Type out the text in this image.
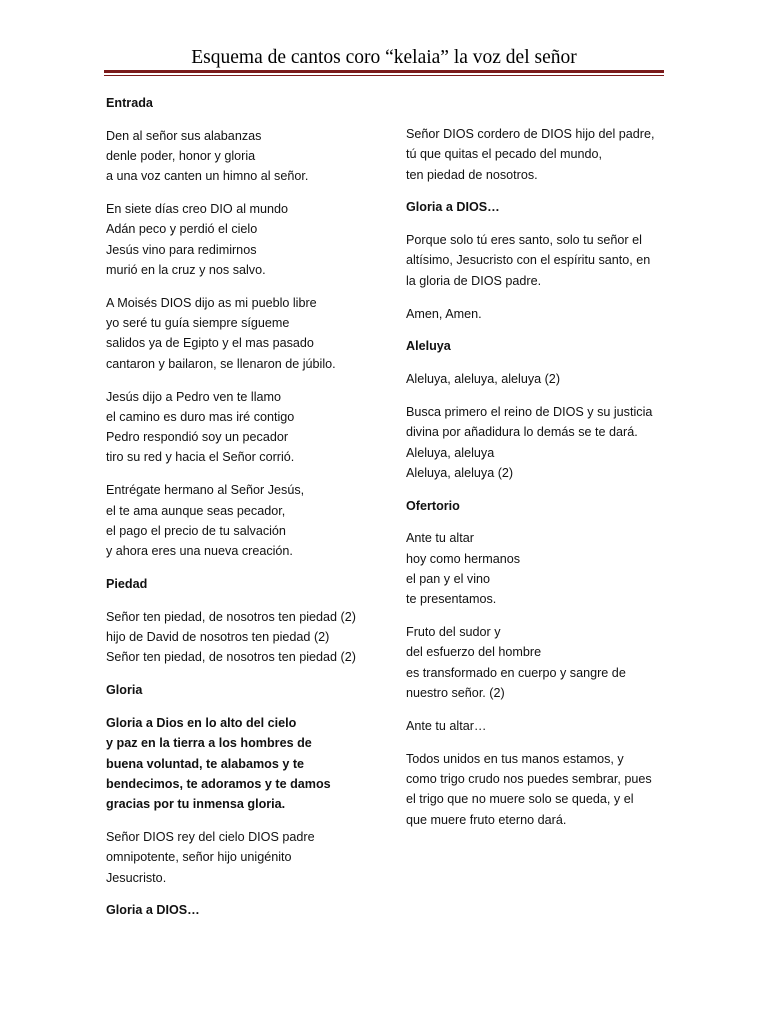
Esquema de cantos coro “kelaia” la voz del señor
Entrada
Den al señor sus alabanzas
denle poder, honor y gloria
a una voz canten un himno al señor.
En siete días creo DIO al mundo
Adán peco y perdió el cielo
Jesús vino para redimirnos
murió en la cruz y nos salvo.
A Moisés DIOS dijo as mi pueblo libre
yo seré tu guía siempre sígueme
salidos ya de Egipto y el mas pasado
cantaron y bailaron, se llenaron de júbilo.
Jesús dijo a Pedro ven te llamo
el camino es duro mas iré contigo
Pedro respondió soy un pecador
tiro su red y hacia el Señor corrió.
Entrégate hermano al Señor Jesús,
el te ama aunque seas pecador,
el pago el precio de tu salvación
y ahora eres una nueva creación.
Piedad
Señor ten piedad, de nosotros ten piedad (2)
hijo de David de nosotros ten piedad (2)
Señor ten piedad, de nosotros ten piedad (2)
Gloria
Gloria a Dios en lo alto del cielo
y paz en la tierra a los hombres de
buena voluntad, te alabamos y te
bendecimos, te adoramos y te damos
gracias por tu inmensa gloria.
Señor DIOS rey del cielo DIOS padre
omnipotente, señor hijo unigénito
Jesucristo.
Gloria a DIOS…
Señor DIOS cordero de DIOS hijo del padre,
tú que quitas el pecado del mundo,
ten piedad de nosotros.
Gloria a DIOS…
Porque solo tú eres santo, solo tu señor el
altísimo, Jesucristo con el espíritu santo, en
la gloria de DIOS padre.
Amen, Amen.
Aleluya
Aleluya, aleluya, aleluya (2)
Busca primero el reino de DIOS y su justicia
divina por añadidura lo demás se te dará.
Aleluya, aleluya
Aleluya, aleluya (2)
Ofertorio
Ante tu altar
hoy como hermanos
el pan y el vino
te presentamos.
Fruto del sudor y
del esfuerzo del hombre
es transformado en cuerpo y sangre de
nuestro señor. (2)
Ante tu altar…
Todos unidos en tus manos estamos, y
como trigo crudo nos puedes sembrar, pues
el trigo que no muere solo se queda, y el
que muere fruto eterno dará.
